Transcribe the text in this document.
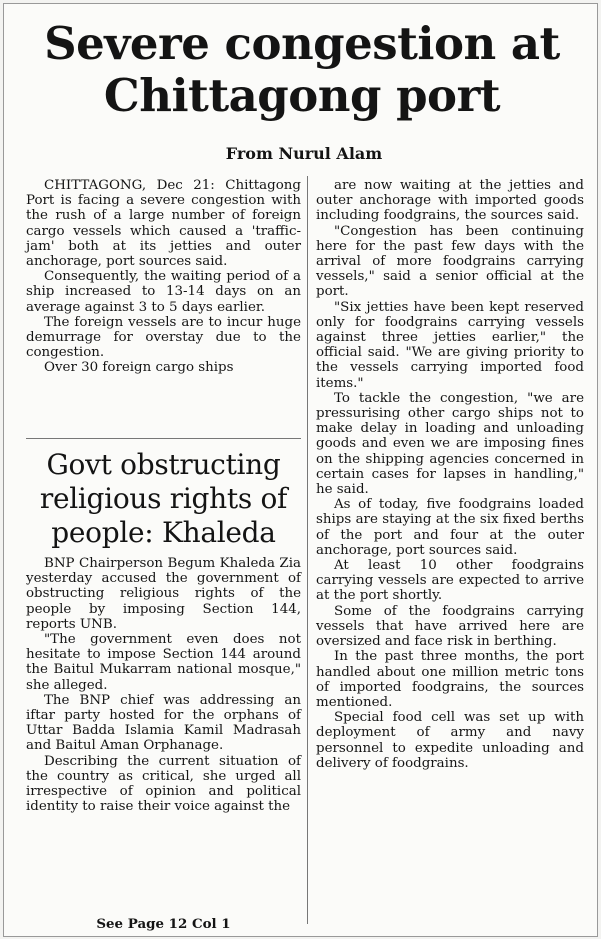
Severe congestion at Chittagong port
From Nurul Alam

CHITTAGONG, Dec 21: Chittagong Port is facing a severe congestion with the rush of a large number of foreign cargo vessels which caused a 'traffic-jam' both at its jetties and outer anchorage, port sources said.

Consequently, the waiting period of a ship increased to 13-14 days on an average against 3 to 5 days earlier.

The foreign vessels are to incur huge demurrage for overstay due to the congestion.

Over 30 foreign cargo ships

are now waiting at the jetties and outer anchorage with imported goods including foodgrains, the sources said.

"Congestion has been continuing here for the past few days with the arrival of more foodgrains carrying vessels," said a senior official at the port.

"Six jetties have been kept reserved only for foodgrains carrying vessels against three jetties earlier," the official said. "We are giving priority to the vessels carrying imported food items."

To tackle the congestion, "we are pressurising other cargo ships not to make delay in loading and unloading goods and even we are imposing fines on the shipping agencies concerned in certain cases for lapses in handling," he said.

As of today, five foodgrains loaded ships are staying at the six fixed berths of the port and four at the outer anchorage, port sources said.

At least 10 other foodgrains carrying vessels are expected to arrive at the port shortly.

Some of the foodgrains carrying vessels that have arrived here are oversized and face risk in berthing.

In the past three months, the port handled about one million metric tons of imported foodgrains, the sources mentioned.

Special food cell was set up with deployment of army and navy personnel to expedite unloading and delivery of foodgrains.

Govt obstructing religious rights of people: Khaleda

BNP Chairperson Begum Khaleda Zia yesterday accused the government of obstructing religious rights of the people by imposing Section 144, reports UNB.

"The government even does not hesitate to impose Section 144 around the Baitul Mukarram national mosque," she alleged.

The BNP chief was addressing an iftar party hosted for the orphans of Uttar Badda Islamia Kamil Madrasah and Baitul Aman Orphanage.

Describing the current situation of the country as critical, she urged all irrespective of opinion and political identity to raise their voice against the

See Page 12 Col 1
